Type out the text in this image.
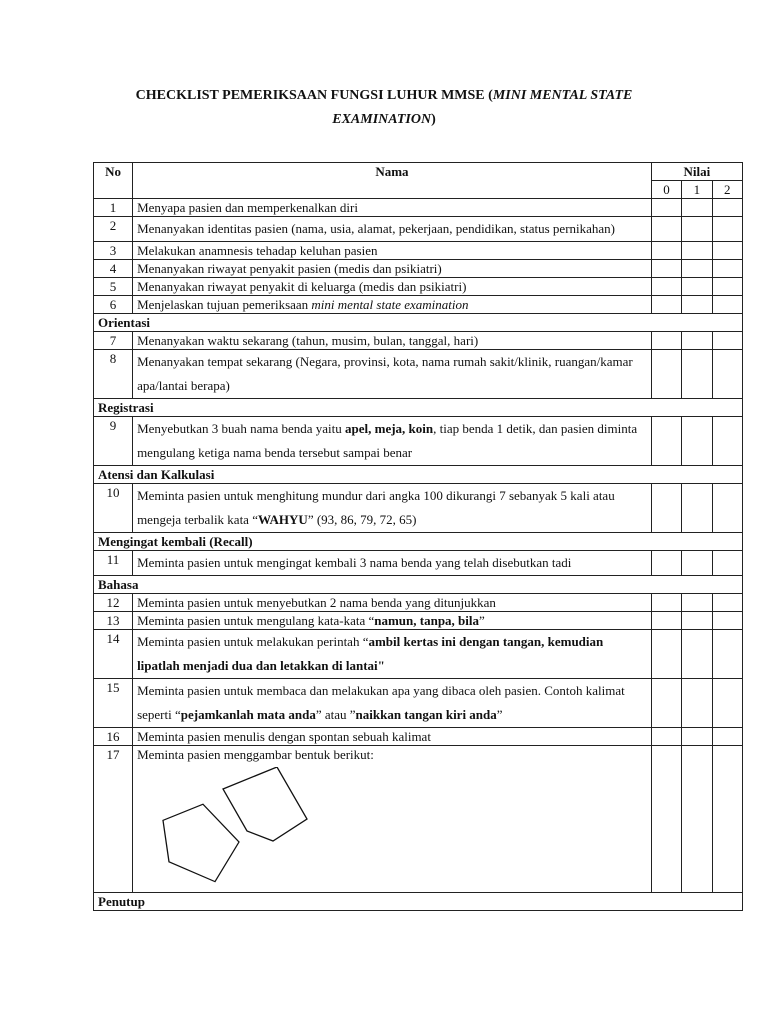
CHECKLIST PEMERIKSAAN FUNGSI LUHUR MMSE (MINI MENTAL STATE
EXAMINATION)
No	Nama	Nilai		
		0	1	2
1	Menyapa pasien dan memperkenalkan diri			
2	Menanyakan identitas pasien (nama, usia, alamat, pekerjaan, pendidikan, status pernikahan)			
3	Melakukan anamnesis tehadap keluhan pasien			
4	Menanyakan riwayat penyakit pasien (medis dan psikiatri)			
5	Menanyakan riwayat penyakit di keluarga (medis dan psikiatri)			
6	Menjelaskan tujuan pemeriksaan mini mental state examination			
Orientasi				
7	Menanyakan waktu sekarang (tahun, musim, bulan, tanggal, hari)			
8	Menanyakan tempat sekarang (Negara, provinsi, kota, nama rumah sakit/klinik, ruangan/kamar apa/lantai berapa)			
Registrasi				
9	Menyebutkan 3 buah nama benda yaitu apel, meja, koin, tiap benda 1 detik, dan pasien diminta mengulang ketiga nama benda tersebut sampai benar			
Atensi dan Kalkulasi				
10	Meminta pasien untuk menghitung mundur dari angka 100 dikurangi 7 sebanyak 5 kali atau mengeja terbalik kata “WAHYU” (93, 86, 79, 72, 65)			
Mengingat kembali (Recall)				
11	Meminta pasien untuk mengingat kembali 3 nama benda yang telah disebutkan tadi			
Bahasa				
12	Meminta pasien untuk menyebutkan 2 nama benda yang ditunjukkan			
13	Meminta pasien untuk mengulang kata-kata “namun, tanpa, bila”			
14	Meminta pasien untuk melakukan perintah “ambil kertas ini dengan tangan, kemudian lipatlah menjadi dua dan letakkan di lantai"			
15	Meminta pasien untuk membaca dan melakukan apa yang dibaca oleh pasien. Contoh kalimat seperti “pejamkanlah mata anda” atau ”naikkan tangan kiri anda”			
16	Meminta pasien menulis dengan spontan sebuah kalimat			
17	Meminta pasien menggambar bentuk berikut:			

Penutup				
